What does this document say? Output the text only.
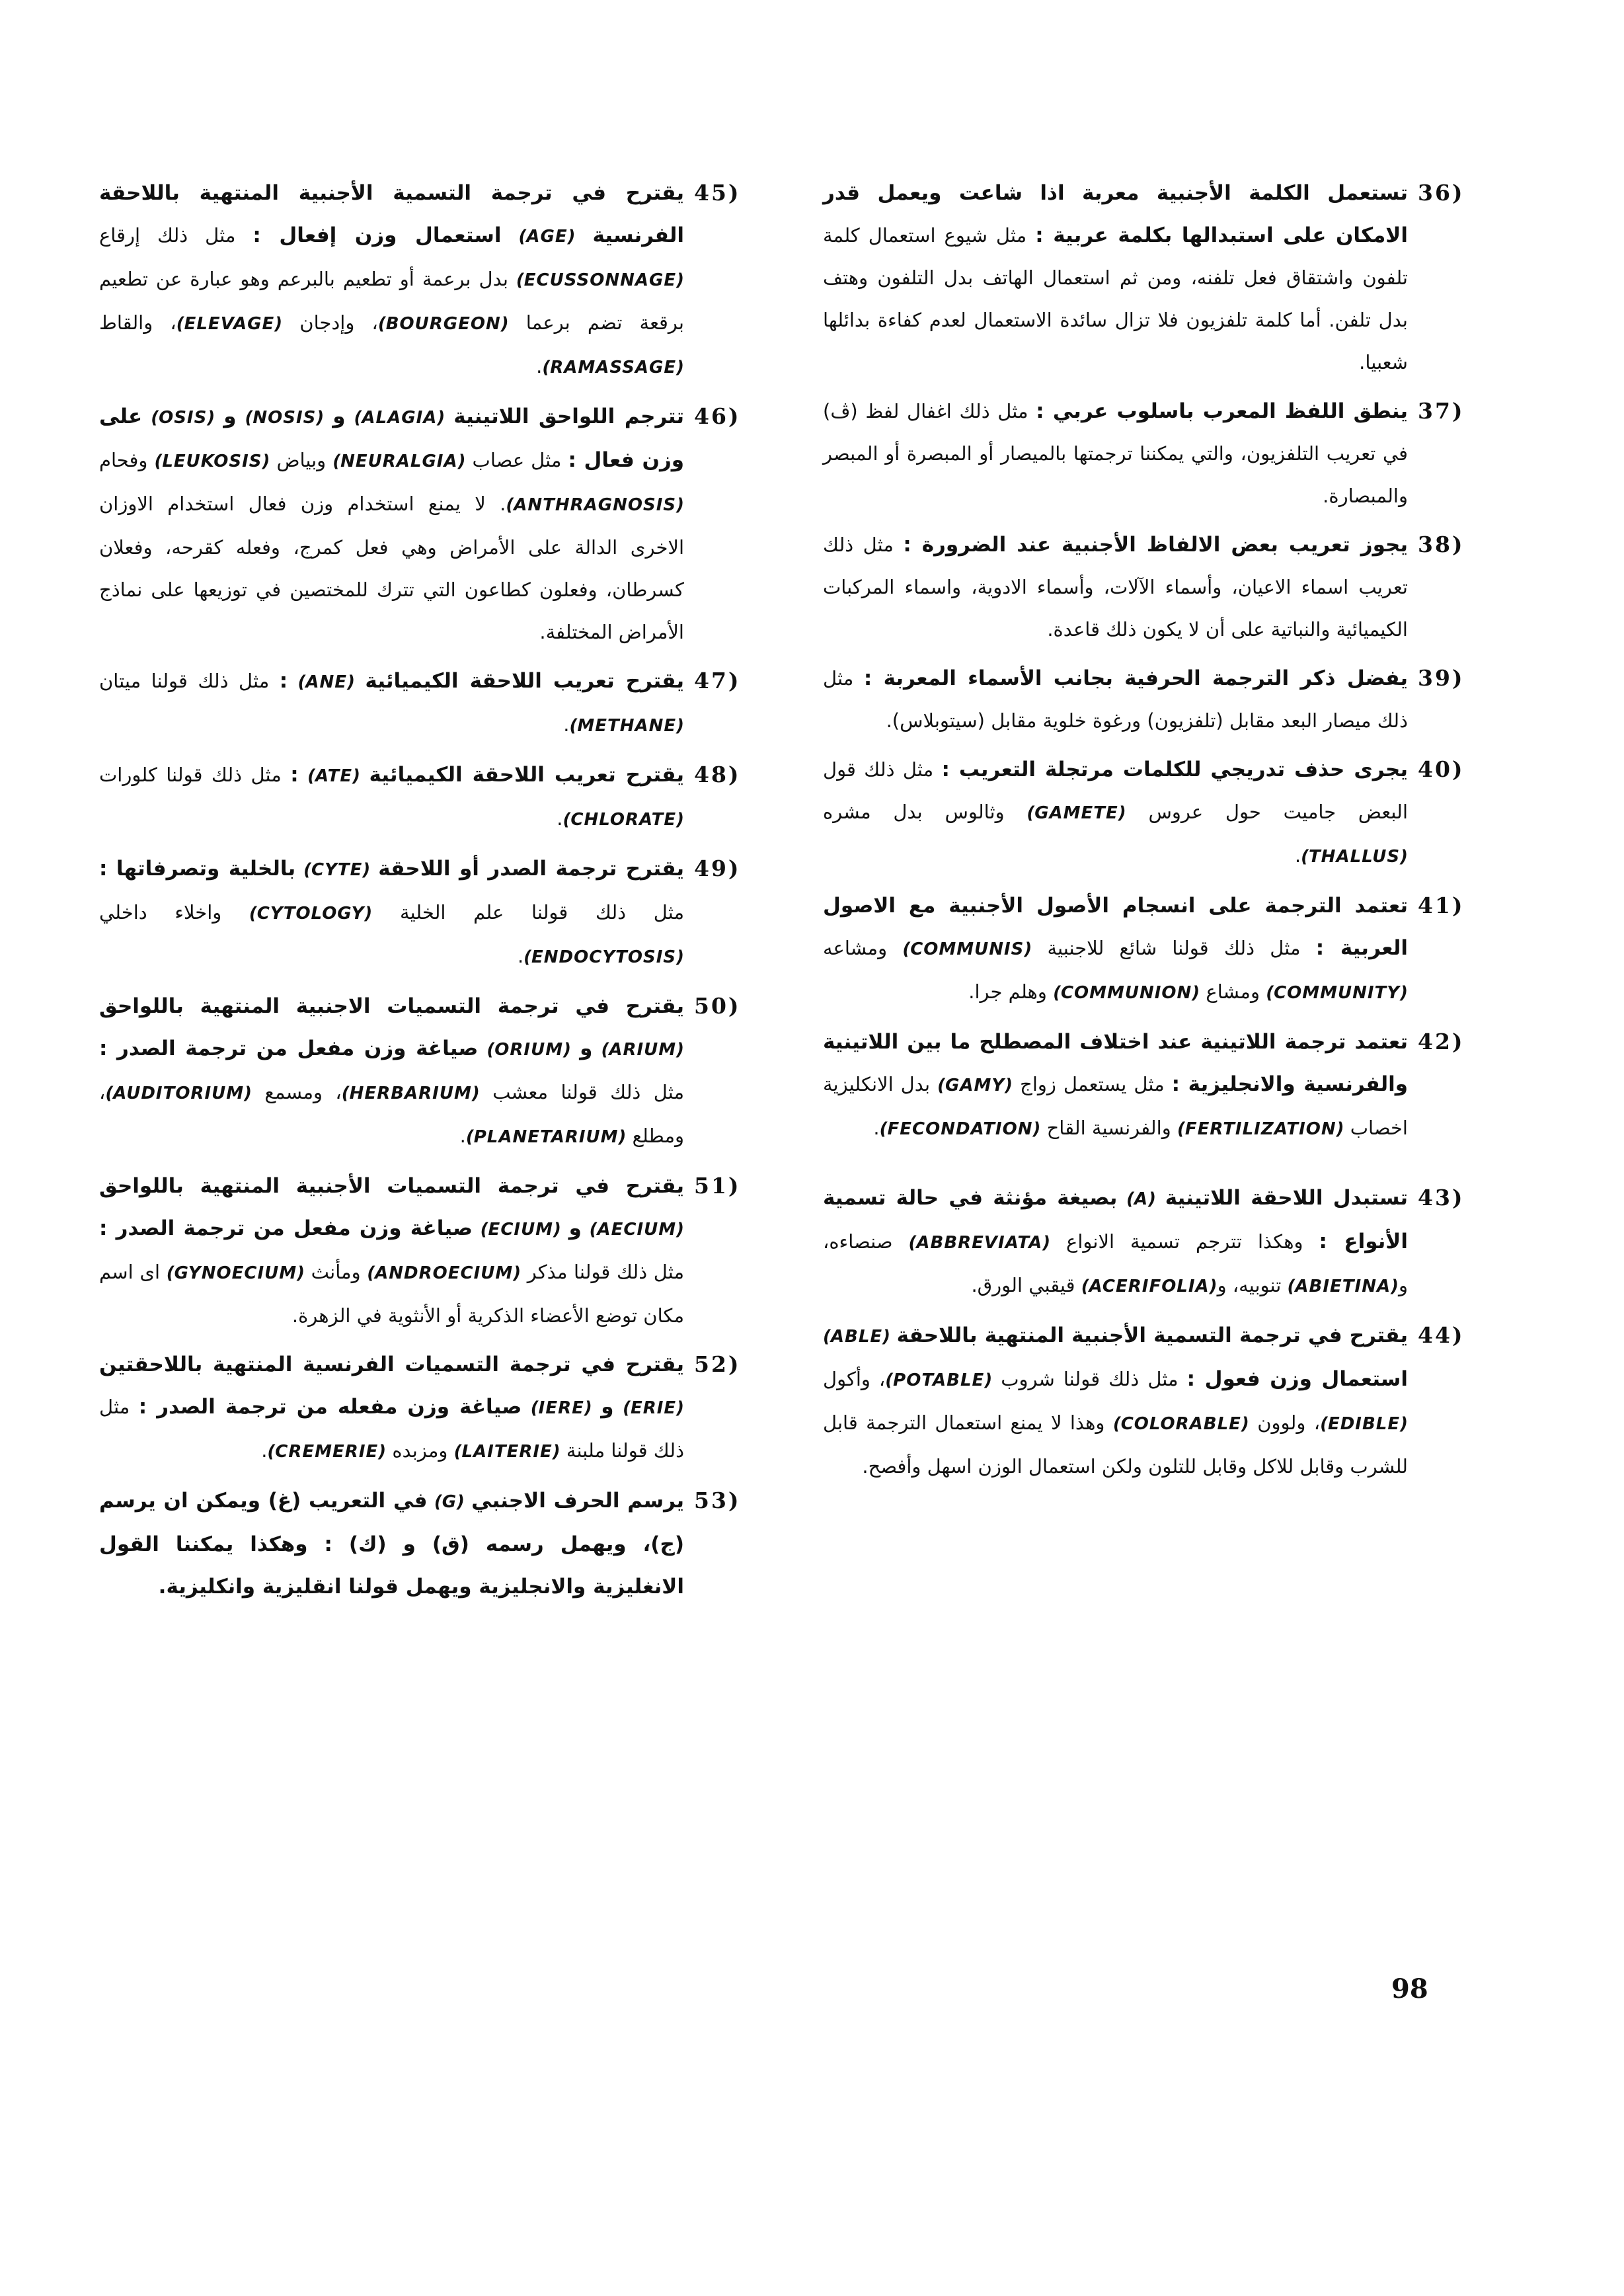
36)
تستعمل الكلمة الأجنبية معربة اذا شاعت ويعمل قدر الامكان على استبدالها بكلمة عربية : مثل شيوع استعمال كلمة تلفون واشتقاق فعل تلفنه، ومن ثم استعمال الهاتف بدل التلفون وهتف بدل تلفن. أما كلمة تلفزيون فلا تزال سائدة الاستعمال لعدم كفاءة بدائلها شعبيا.
37)
ينطق اللفظ المعرب باسلوب عربي : مثل ذلك اغفال لفظ (ڤ) في تعريب التلفزيون، والتي يمكننا ترجمتها بالميصار أو المبصرة أو المبصر والمبصارة.
38)
يجوز تعريب بعض الالفاظ الأجنبية عند الضرورة : مثل ذلك تعريب اسماء الاعيان، وأسماء الآلات، وأسماء الادوية، واسماء المركبات الكيميائية والنباتية على أن لا يكون ذلك قاعدة.
39)
يفضل ذكر الترجمة الحرفية بجانب الأسماء المعربة : مثل ذلك ميصار البعد مقابل (تلفزيون) ورغوة خلوية مقابل (سيتوبلاس).
40)
يجرى حذف تدريجي للكلمات مرتجلة التعريب : مثل ذلك قول البعض جاميت حول عروس (GAMETE) وثالوس بدل مشره (THALLUS).
41)
تعتمد الترجمة على انسجام الأصول الأجنبية مع الاصول العربية : مثل ذلك قولنا شائع للاجنبية (COMMUNIS) ومشاعه (COMMUNITY) ومشاع (COMMUNION) وهلم جرا.
42)
تعتمد ترجمة اللاتينية عند اختلاف المصطلح ما بين اللاتينية والفرنسية والانجليزية : مثل يستعمل زواج (GAMY) بدل الانكليزية اخصاب (FERTILIZATION) والفرنسية القاح (FECONDATION).
43)
تستبدل اللاحقة اللاتينية (A) بصيغة مؤنثة في حالة تسمية الأنواع : وهكذا تترجم تسمية الانواع (ABBREVIATA) صنصاءه، و(ABIETINA) تنوبيه، و(ACERIFOLIA) قيقبي الورق.
44)
يقترح في ترجمة التسمية الأجنبية المنتهية باللاحقة (ABLE) استعمال وزن فعول : مثل ذلك قولنا شروب (POTABLE)، وأكول (EDIBLE)، ولوون (COLORABLE) وهذا لا يمنع استعمال الترجمة قابل للشرب وقابل للاكل وقابل للتلون ولكن استعمال الوزن اسهل وأفصح.
45)
يقترح في ترجمة التسمية الأجنبية المنتهية باللاحقة الفرنسية (AGE) استعمال وزن إفعال : مثل ذلك إرقاع (ECUSSONNAGE) بدل برعمة أو تطعيم بالبرعم وهو عبارة عن تطعيم برقعة تضم برعما (BOURGEON)، وإدجان (ELEVAGE)، والقاط (RAMASSAGE).
46)
تترجم اللواحق اللاتينية (ALAGIA) و (NOSIS) و (OSIS) على وزن فعال : مثل عصاب (NEURALGIA) وبياض (LEUKOSIS) وفحام (ANTHRAGNOSIS). لا يمنع استخدام وزن فعال استخدام الاوزان الاخرى الدالة على الأمراض وهي فعل كمرج، وفعله كقرحه، وفعلان كسرطان، وفعلون كطاعون التي تترك للمختصين في توزيعها على نماذج الأمراض المختلفة.
47)
يقترح تعريب اللاحقة الكيميائية (ANE) : مثل ذلك قولنا ميتان (METHANE).
48)
يقترح تعريب اللاحقة الكيميائية (ATE) : مثل ذلك قولنا كلورات (CHLORATE).
49)
يقترح ترجمة الصدر أو اللاحقة (CYTE) بالخلية وتصرفاتها : مثل ذلك قولنا علم الخلية (CYTOLOGY) واخلاء داخلي (ENDOCYTOSIS).
50)
يقترح في ترجمة التسميات الاجنبية المنتهية باللواحق (ARIUM) و (ORIUM) صياغة وزن مفعل من ترجمة الصدر : مثل ذلك قولنا معشب (HERBARIUM)، ومسمع (AUDITORIUM)، ومطلع (PLANETARIUM).
51)
يقترح في ترجمة التسميات الأجنبية المنتهية باللواحق (AECIUM) و (ECIUM) صياغة وزن مفعل من ترجمة الصدر : مثل ذلك قولنا مذكر (ANDROECIUM) ومأنث (GYNOECIUM) اى اسم مكان توضع الأعضاء الذكرية أو الأنثوية في الزهرة.
52)
يقترح في ترجمة التسميات الفرنسية المنتهية باللاحقتين (ERIE) و (IERE) صياغة وزن مفعله من ترجمة الصدر : مثل ذلك قولنا ملبنة (LAITERIE) ومزبده (CREMERIE).
53)
يرسم الحرف الاجنبي (G) في التعريب (غ) ويمكن ان يرسم (ج)، ويهمل رسمه (ق) و (ك) : وهكذا يمكننا القول الانغليزية والانجليزية ويهمل قولنا انقليزية وانكليزية.
98
